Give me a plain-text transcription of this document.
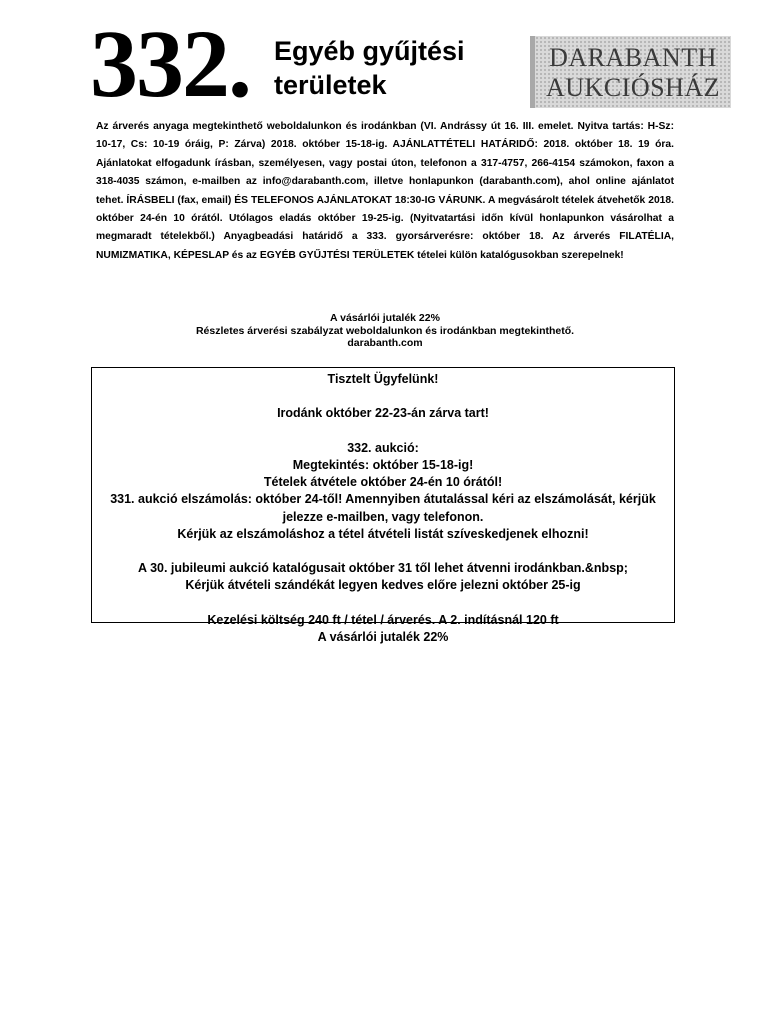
332. Egyéb gyűjtési
területek
DARABANTH
AUKCIÓSHÁZ

Az árverés anyaga megtekinthető weboldalunkon és irodánkban (VI. Andrássy út 16. III. emelet. Nyitva tartás: H-Sz: 10-17, Cs: 10-19 óráig, P: Zárva) 2018. október 15-18-ig. AJÁNLATTÉTELI HATÁRIDŐ: 2018. október 18. 19 óra. Ajánlatokat elfogadunk írásban, személyesen, vagy postai úton, telefonon a 317-4757, 266-4154 számokon, faxon a 318-4035 számon, e-mailben az info@darabanth.com, illetve honlapunkon (darabanth.com), ahol online ajánlatot tehet. ÍRÁSBELI (fax, email) ÉS TELEFONOS AJÁNLATOKAT 18:30-IG VÁRUNK. A megvásárolt tételek átvehetők 2018. október 24-én 10 órától. Utólagos eladás október 19-25-ig. (Nyitvatartási időn kívül honlapunkon vásárolhat a megmaradt tételekből.) Anyagbeadási határidő a 333. gyorsárverésre: október 18. Az árverés FILATÉLIA, NUMIZMATIKA, KÉPESLAP és az EGYÉB GYŰJTÉSI TERÜLETEK tételei külön katalógusokban szerepelnek!

A vásárlói jutalék 22%
Részletes árverési szabályzat weboldalunkon és irodánkban megtekinthető.
darabanth.com
Tisztelt Ügyfelünk!
Irodánk október 22-23-án zárva tart!
332. aukció:
Megtekintés: október 15-18-ig!
Tételek átvétele október 24-én 10 órától!
331. aukció elszámolás: október 24-től! Amennyiben átutalással kéri az elszámolását, kérjük
jelezze e-mailben, vagy telefonon.
Kérjük az elszámoláshoz a tétel átvételi listát szíveskedjenek elhozni!
A 30. jubileumi aukció katalógusait október 31 től lehet átvenni irodánkban.&nbsp;
Kérjük átvételi szándékát legyen kedves előre jelezni október 25-ig
Kezelési költség 240 ft / tétel / árverés. A 2. indításnál 120 ft
A vásárlói jutalék 22%
